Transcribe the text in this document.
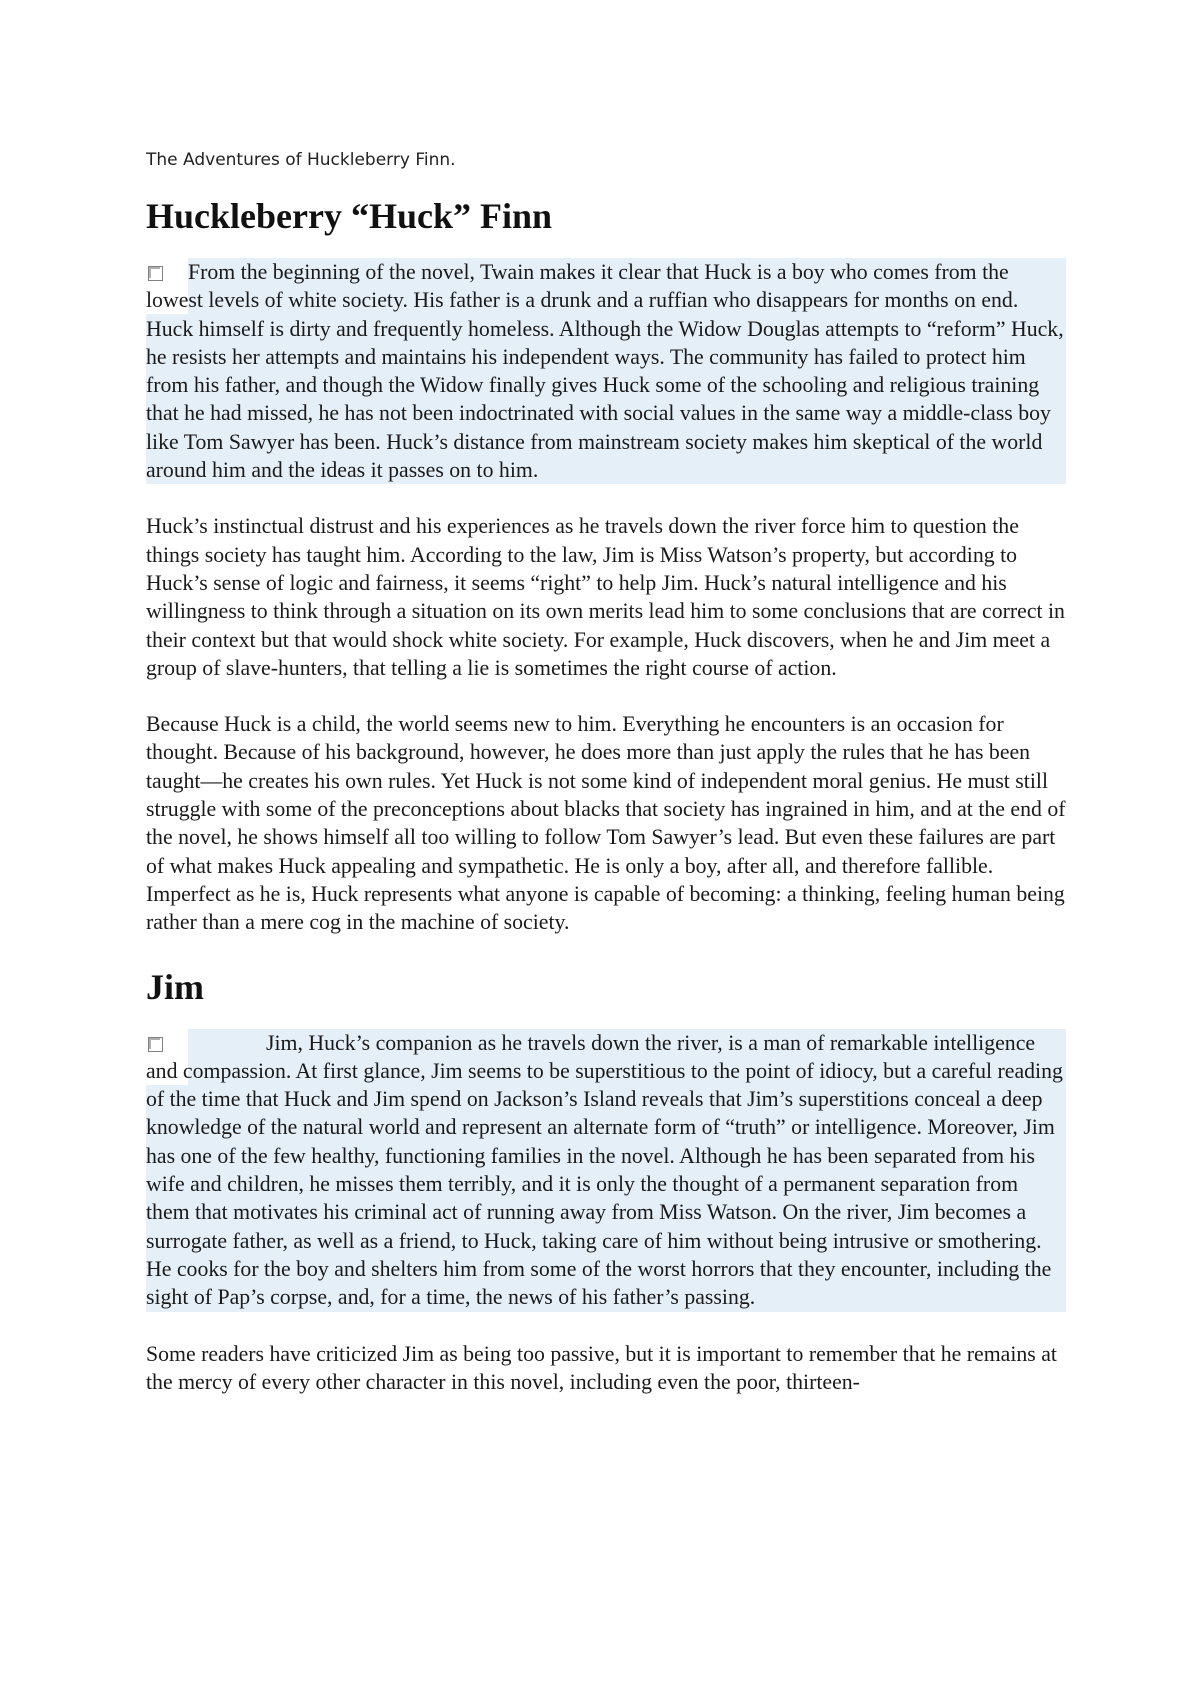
The Adventures of Huckleberry Finn.
Huckleberry “Huck” Finn

From the beginning of the novel, Twain makes it clear that Huck is a boy who comes from the lowest levels of white society. His father is a drunk and a ruffian who disappears for months on end. Huck himself is dirty and frequently homeless. Although the Widow Douglas attempts to “reform” Huck, he resists her attempts and maintains his independent ways. The community has failed to protect him from his father, and though the Widow finally gives Huck some of the schooling and religious training that he had missed, he has not been indoctrinated with social values in the same way a middle-class boy like Tom Sawyer has been. Huck’s distance from mainstream society makes him skeptical of the world around him and the ideas it passes on to him.

Huck’s instinctual distrust and his experiences as he travels down the river force him to question the things society has taught him. According to the law, Jim is Miss Watson’s property, but according to Huck’s sense of logic and fairness, it seems “right” to help Jim. Huck’s natural intelligence and his willingness to think through a situation on its own merits lead him to some conclusions that are correct in their context but that would shock white society. For example, Huck discovers, when he and Jim meet a group of slave-hunters, that telling a lie is sometimes the right course of action.

Because Huck is a child, the world seems new to him. Everything he encounters is an occasion for thought. Because of his background, however, he does more than just apply the rules that he has been taught—he creates his own rules. Yet Huck is not some kind of independent moral genius. He must still struggle with some of the preconceptions about blacks that society has ingrained in him, and at the end of the novel, he shows himself all too willing to follow Tom Sawyer’s lead. But even these failures are part of what makes Huck appealing and sympathetic. He is only a boy, after all, and therefore fallible. Imperfect as he is, Huck represents what anyone is capable of becoming: a thinking, feeling human being rather than a mere cog in the machine of society.

Jim

Jim, Huck’s companion as he travels down the river, is a man of remarkable intelligence and compassion. At first glance, Jim seems to be superstitious to the point of idiocy, but a careful reading of the time that Huck and Jim spend on Jackson’s Island reveals that Jim’s superstitions conceal a deep knowledge of the natural world and represent an alternate form of “truth” or intelligence. Moreover, Jim has one of the few healthy, functioning families in the novel. Although he has been separated from his wife and children, he misses them terribly, and it is only the thought of a permanent separation from them that motivates his criminal act of running away from Miss Watson. On the river, Jim becomes a surrogate father, as well as a friend, to Huck, taking care of him without being intrusive or smothering. He cooks for the boy and shelters him from some of the worst horrors that they encounter, including the sight of Pap’s corpse, and, for a time, the news of his father’s passing.

Some readers have criticized Jim as being too passive, but it is important to remember that he remains at the mercy of every other character in this novel, including even the poor, thirteen-
